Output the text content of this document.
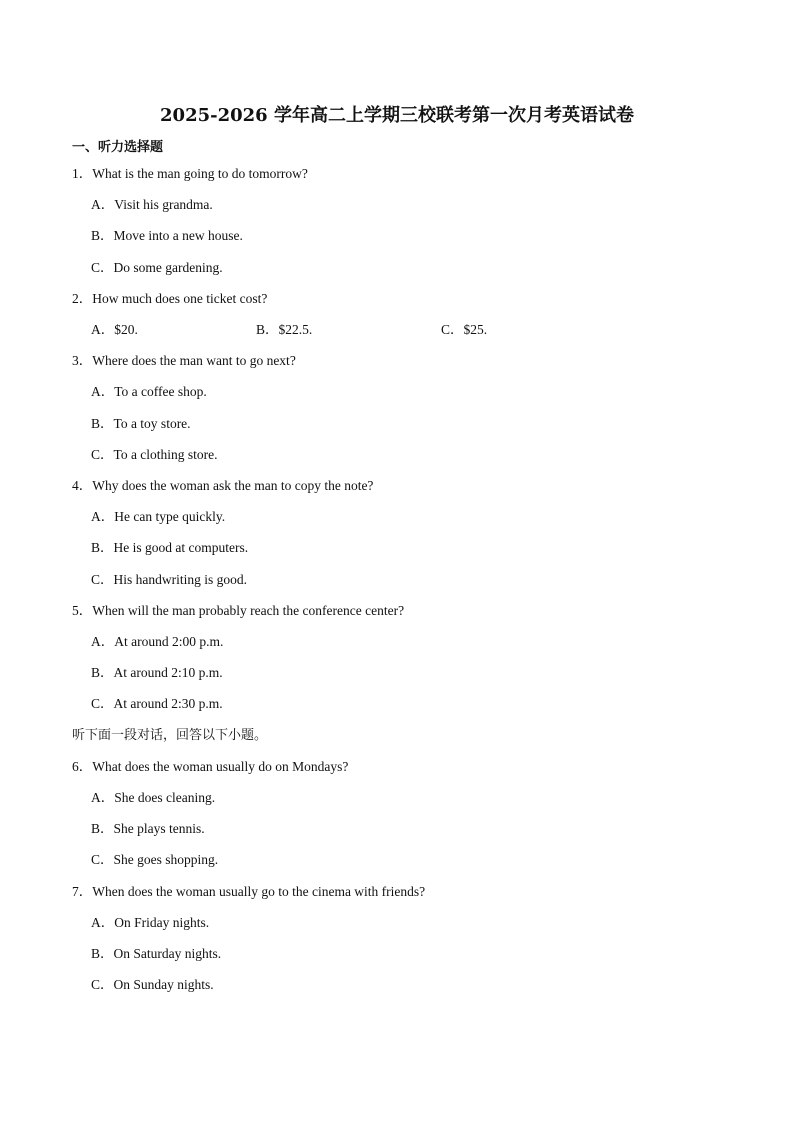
2025-2026 学年高二上学期三校联考第一次月考英语试卷
一、听力选择题
1．What is the man going to do tomorrow?
A．Visit his grandma.
B．Move into a new house.
C．Do some gardening.
2．How much does one ticket cost?
A．$20.	B．$22.5.	C．$25.
3．Where does the man want to go next?
A．To a coffee shop.
B．To a toy store.
C．To a clothing store.
4．Why does the woman ask the man to copy the note?
A．He can type quickly.
B．He is good at computers.
C．His handwriting is good.
5．When will the man probably reach the conference center?
A．At around 2:00 p.m.
B．At around 2:10 p.m.
C．At around 2:30 p.m.
听下面一段对话，回答以下小题。
6．What does the woman usually do on Mondays?
A．She does cleaning.
B．She plays tennis.
C．She goes shopping.
7．When does the woman usually go to the cinema with friends?
A．On Friday nights.
B．On Saturday nights.
C．On Sunday nights.
